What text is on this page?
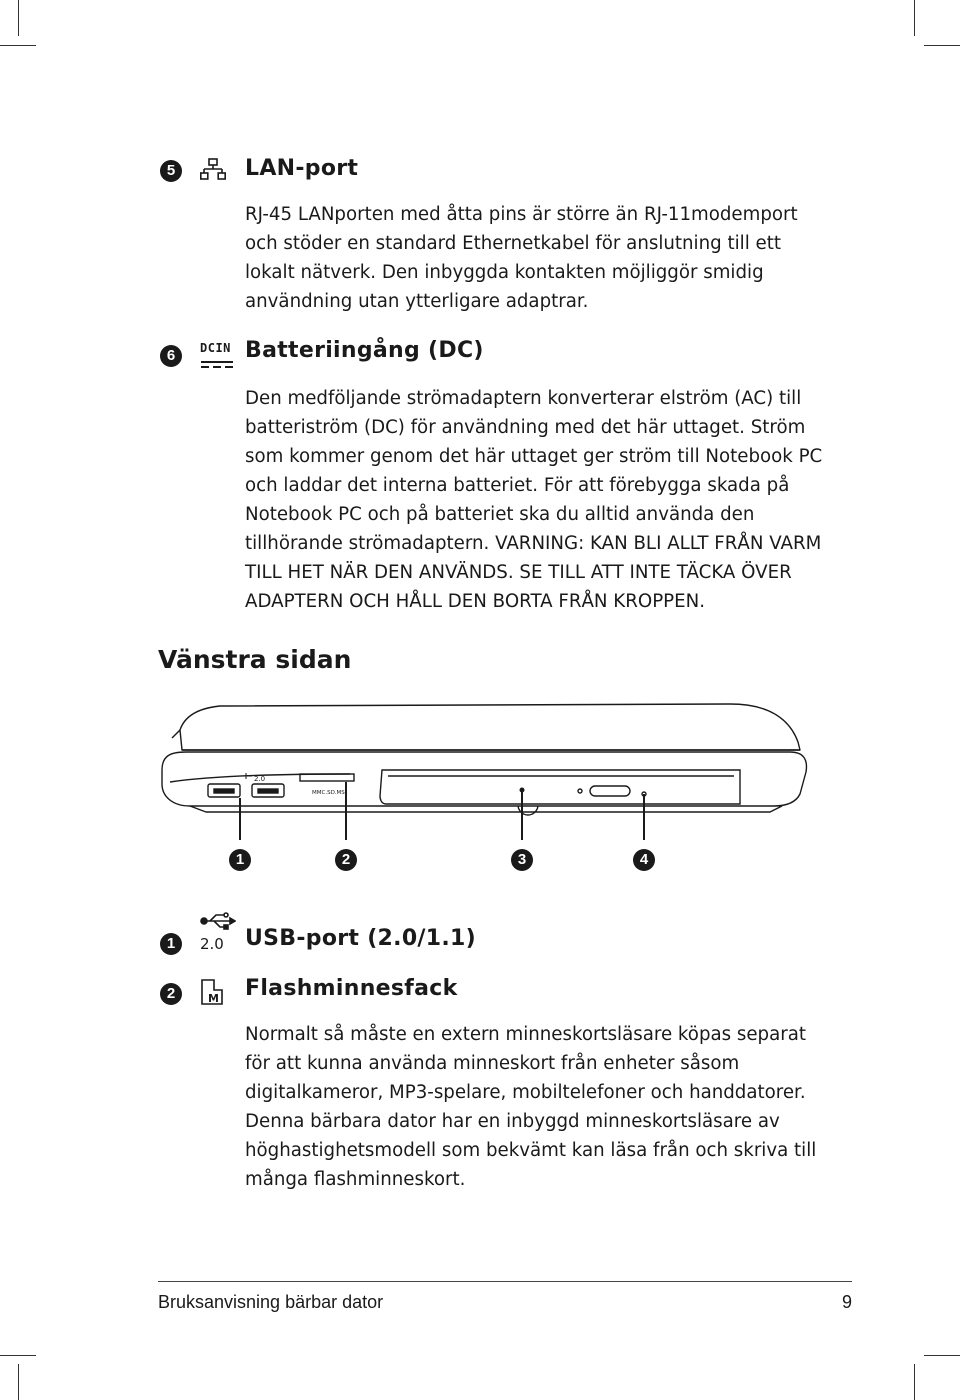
5	LAN-port

RJ-45 LANporten med åtta pins är större än RJ-11modemport och stöder en standard Ethernetkabel för anslutning till ett lokalt nätverk. Den inbyggda kontakten möjliggör smidig användning utan ytterligare adaptrar.

6	DCIN Batteriingång (DC)

Den medföljande strömadaptern konverterar elström (AC) till batteriström (DC) för användning med det här uttaget. Ström som kommer genom det här uttaget ger ström till Notebook PC och laddar det interna batteriet. För att förebygga skada på Notebook PC och på batteriet ska du alltid använda den tillhörande strömadaptern. VARNING: KAN BLI ALLT FRÅN VARM TILL HET NÄR DEN ANVÄNDS. SE TILL ATT INTE TÄCKA ÖVER ADAPTERN OCH HÅLL DEN BORTA FRÅN KROPPEN.

Vänstra sidan
2.0
MMC.SD.MS
1	2	3	4
1	2.0 USB-port (2.0/1.1)
2	M Flashminnesfack

Normalt så måste en extern minneskortsläsare köpas separat för att kunna använda minneskort från enheter såsom digitalkameror, MP3-spelare, mobiltelefoner och handdatorer. Denna bärbara dator har en inbyggd minneskortsläsare av höghastighetsmodell som bekvämt kan läsa från och skriva till många flashminneskort.

Bruksanvisning bärbar dator	9
